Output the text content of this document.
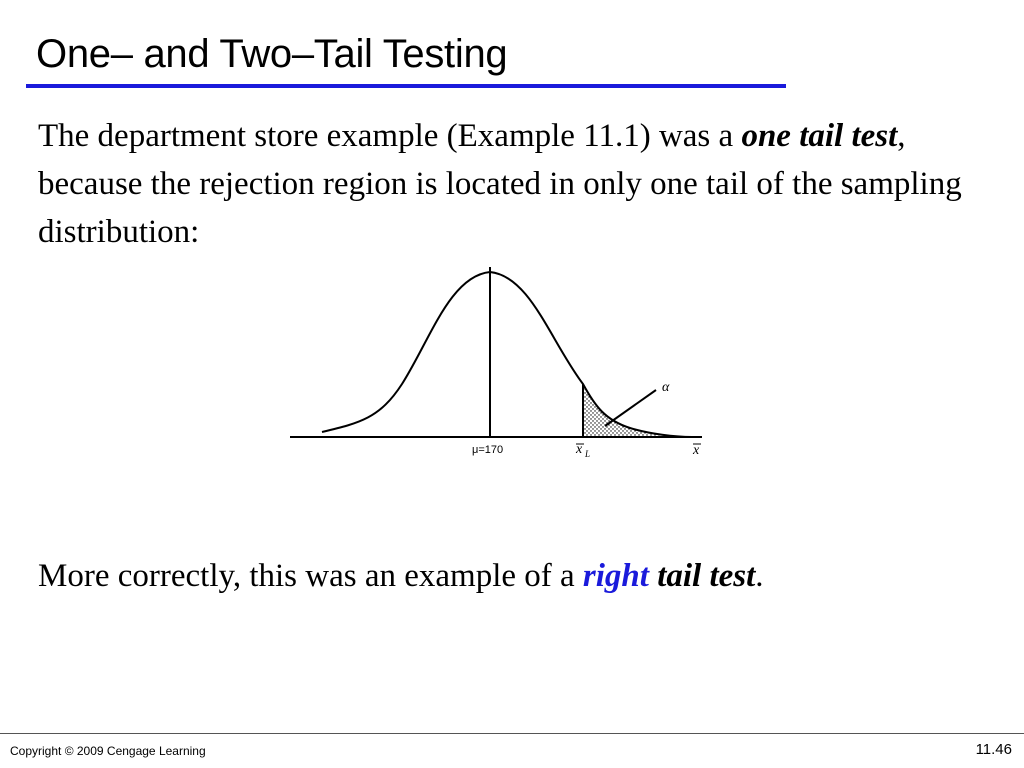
One– and Two–Tail Testing

The department store example (Example 11.1) was a one tail test, because the rejection region is located in only one tail of the sampling distribution:

α
μ=170	x L	x

More correctly, this was an example of a right tail test.

Copyright © 2009 Cengage Learning	11.46
